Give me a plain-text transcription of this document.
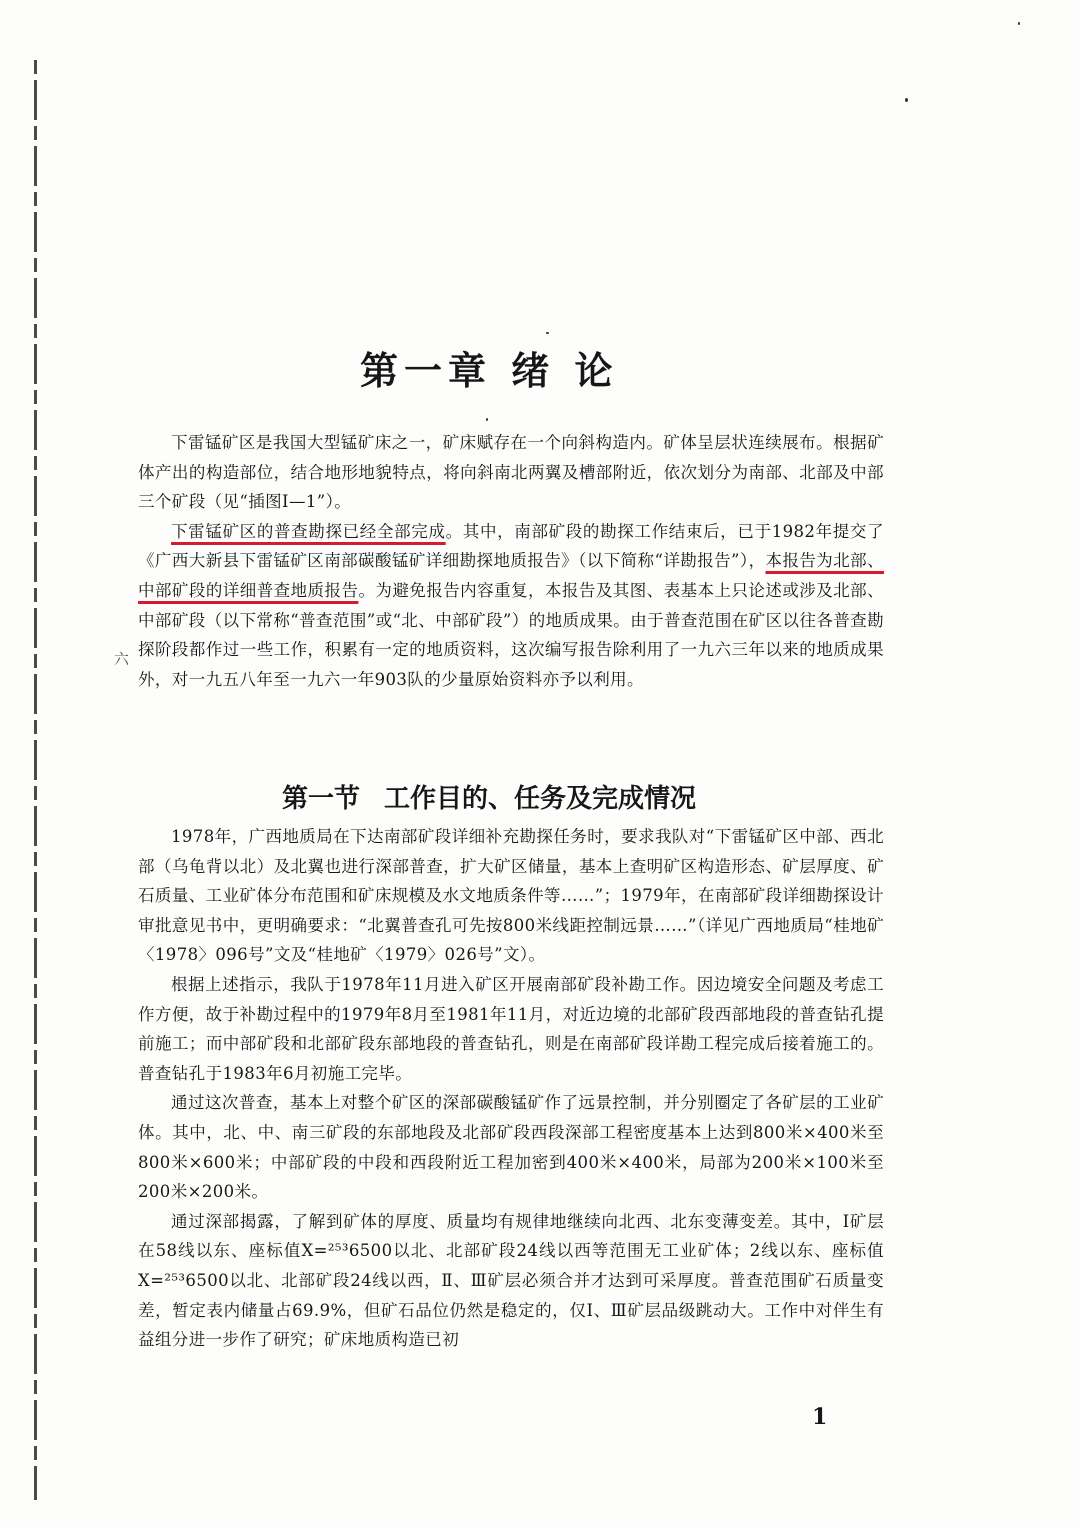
第一章 绪 论

下雷锰矿区是我国大型锰矿床之一，矿床赋存在一个向斜构造内。矿体呈层状连续展布。根据矿体产出的构造部位，结合地形地貌特点，将向斜南北两翼及槽部附近，依次划分为南部、北部及中部三个矿段（见“插图Ⅰ—1”）。

下雷锰矿区的普查勘探已经全部完成。其中，南部矿段的勘探工作结束后，已于1982年提交了《广西大新县下雷锰矿区南部碳酸锰矿详细勘探地质报告》（以下简称“详勘报告”），本报告为北部、中部矿段的详细普查地质报告。为避免报告内容重复，本报告及其图、表基本上只论述或涉及北部、中部矿段（以下常称“普查范围”或“北、中部矿段”）的地质成果。由于普查范围在矿区以往各普查勘探阶段都作过一些工作，积累有一定的地质资料，这次编写报告除利用了一九六三年以来的地质成果外，对一九五八年至一九六一年903队的少量原始资料亦予以利用。

六
第一节 工作目的、任务及完成情况

1978年，广西地质局在下达南部矿段详细补充勘探任务时，要求我队对“下雷锰矿区中部、西北部（乌龟背以北）及北翼也进行深部普查，扩大矿区储量，基本上查明矿区构造形态、矿层厚度、矿石质量、工业矿体分布范围和矿床规模及水文地质条件等……”；1979年，在南部矿段详细勘探设计审批意见书中，更明确要求：“北翼普查孔可先按800米线距控制远景……”（详见广西地质局“桂地矿〈1978〉096号”文及“桂地矿〈1979〉026号”文）。

根据上述指示，我队于1978年11月进入矿区开展南部矿段补勘工作。因边境安全问题及考虑工作方便，故于补勘过程中的1979年8月至1981年11月，对近边境的北部矿段西部地段的普查钻孔提前施工；而中部矿段和北部矿段东部地段的普查钻孔，则是在南部矿段详勘工程完成后接着施工的。普查钻孔于1983年6月初施工完毕。

通过这次普查，基本上对整个矿区的深部碳酸锰矿作了远景控制，并分别圈定了各矿层的工业矿体。其中，北、中、南三矿段的东部地段及北部矿段西段深部工程密度基本上达到800米×400米至800米×600米；中部矿段的中段和西段附近工程加密到400米×400米，局部为200米×100米至200米×200米。

通过深部揭露，了解到矿体的厚度、质量均有规律地继续向北西、北东变薄变差。其中，Ⅰ矿层在58线以东、座标值X=²⁵³6500以北、北部矿段24线以西等范围无工业矿体；2线以东、座标值X=²⁵³6500以北、北部矿段24线以西，Ⅱ、Ⅲ矿层必须合并才达到可采厚度。普查范围矿石质量变差，暂定表内储量占69.9%，但矿石品位仍然是稳定的，仅Ⅰ、Ⅲ矿层品级跳动大。工作中对伴生有益组分进一步作了研究；矿床地质构造已初

1
